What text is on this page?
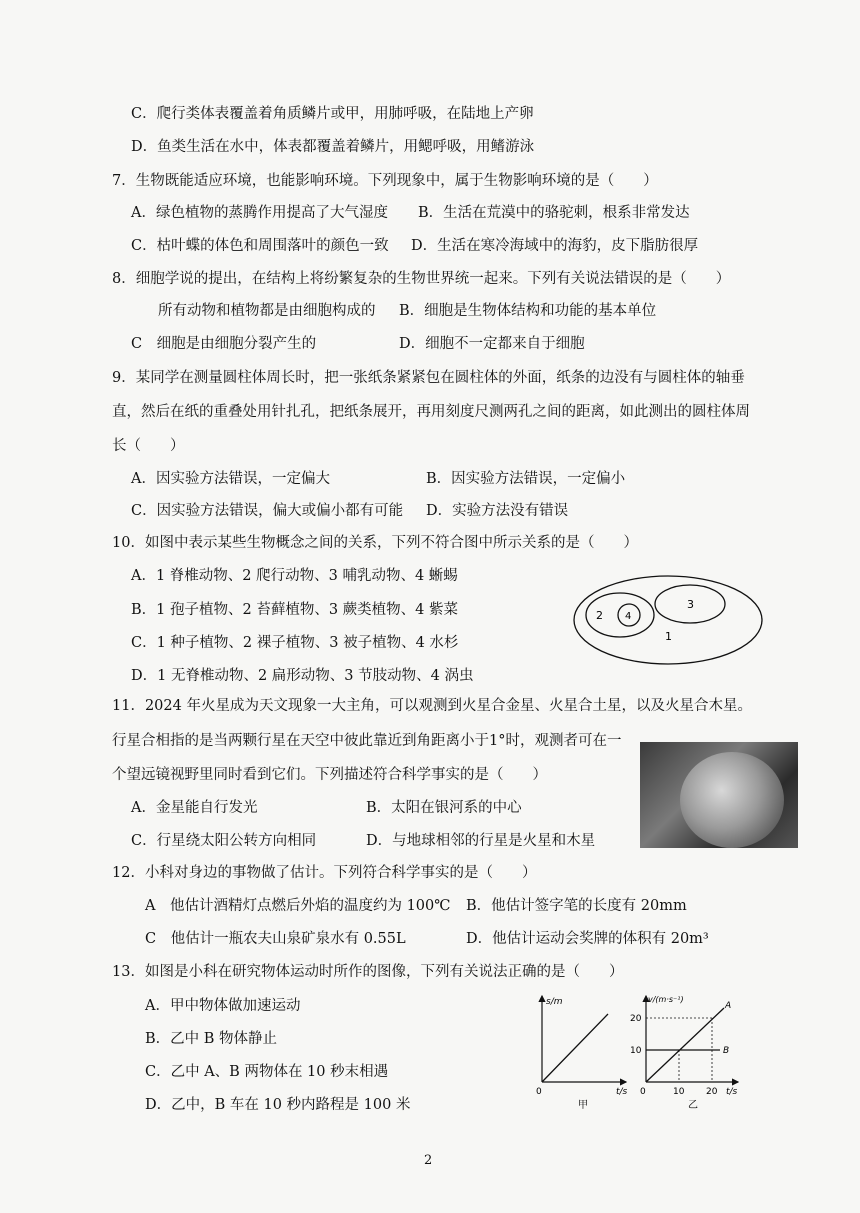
C．爬行类体表覆盖着角质鳞片或甲，用肺呼吸，在陆地上产卵
D．鱼类生活在水中，体表都覆盖着鳞片，用鳃呼吸，用鳍游泳
7．生物既能适应环境，也能影响环境。下列现象中，属于生物影响环境的是（　　）
A．绿色植物的蒸腾作用提高了大气湿度 B．生活在荒漠中的骆驼刺，根系非常发达
C．枯叶蝶的体色和周围落叶的颜色一致 D．生活在寒冷海域中的海豹，皮下脂肪很厚
8．细胞学说的提出，在结构上将纷繁复杂的生物世界统一起来。下列有关说法错误的是（　　）
所有动物和植物都是由细胞构成的 B．细胞是生物体结构和功能的基本单位
C　细胞是由细胞分裂产生的	D．细胞不一定都来自于细胞
9．某同学在测量圆柱体周长时，把一张纸条紧紧包在圆柱体的外面，纸条的边没有与圆柱体的轴垂
直，然后在纸的重叠处用针扎孔，把纸条展开，再用刻度尺测两孔之间的距离，如此测出的圆柱体周
长（　　）
A．因实验方法错误，一定偏大	B．因实验方法错误，一定偏小
C．因实验方法错误，偏大或偏小都有可能 D．实验方法没有错误
10．如图中表示某些生物概念之间的关系，下列不符合图中所示关系的是（　　）
A．1 脊椎动物、2 爬行动物、3 哺乳动物、4 蜥蜴
B．1 孢子植物、2 苔藓植物、3 蕨类植物、4 紫菜
C．1 种子植物、2 裸子植物、3 被子植物、4 水杉
D．1 无脊椎动物、2 扁形动物、3 节肢动物、4 涡虫
1
2
3
4
11．2024 年火星成为天文现象一大主角，可以观测到火星合金星、火星合土星，以及火星合木星。
行星合相指的是当两颗行星在天空中彼此靠近到角距离小于1°时，观测者可在一
个望远镜视野里同时看到它们。下列描述符合科学事实的是（　　）
A．金星能自行发光	B．太阳在银河系的中心
C．行星绕太阳公转方向相同	D．与地球相邻的行星是火星和木星
12．小科对身边的事物做了估计。下列符合科学事实的是（　　）
A　他估计酒精灯点燃后外焰的温度约为 100℃ B．他估计签字笔的长度有 20mm
C　他估计一瓶农夫山泉矿泉水有 0.55L	D．他估计运动会奖牌的体积有 20m³
13．如图是小科在研究物体运动时所作的图像，下列有关说法正确的是（　　）
A．甲中物体做加速运动
B．乙中 B 物体静止
C．乙中 A、B 两物体在 10 秒末相遇
D．乙中，B 车在 10 秒内路程是 100 米
s/m
t/s
0
甲
v/(m·s⁻¹)
20
10
0	10 20 t/s
A
B
乙
2
